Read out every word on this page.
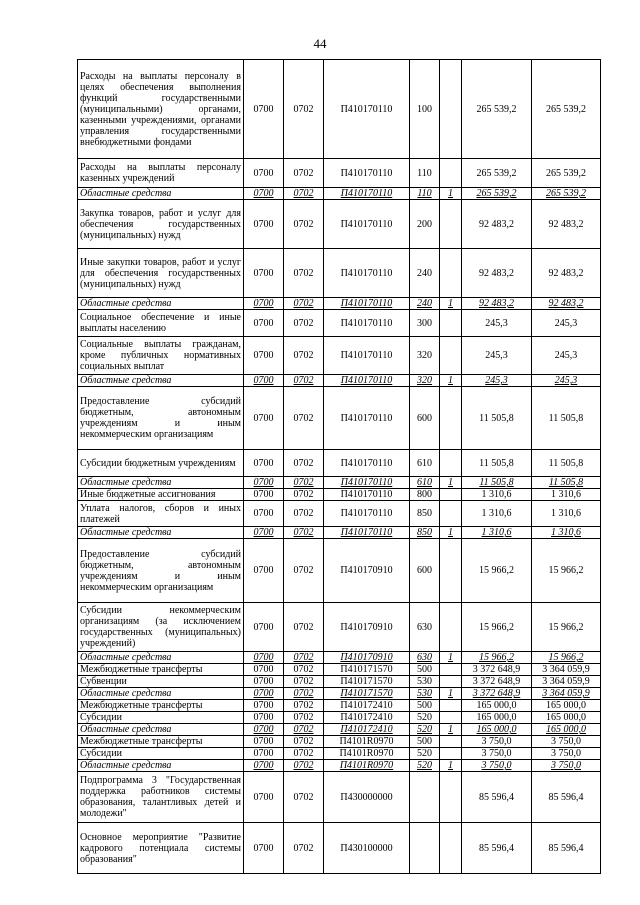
44
Расходы на выплаты персоналу в целях обеспечения выполнения функций государственными (муниципальными) органами, казенными учреждениями, органами управления государственными внебюджетными фондами	0700	0702	П410170110	100		265 539,2	265 539,2
Расходы на выплаты персоналу казенных учреждений	0700	0702	П410170110	110		265 539,2	265 539,2
Областные средства	0700	0702	П410170110	110	1	265 539,2	265 539,2
Закупка товаров, работ и услуг для обеспечения государственных (муниципальных) нужд	0700	0702	П410170110	200		92 483,2	92 483,2
Иные закупки товаров, работ и услуг для обеспечения государственных (муниципальных) нужд	0700	0702	П410170110	240		92 483,2	92 483,2
Областные средства	0700	0702	П410170110	240	1	92 483,2	92 483,2
Социальное обеспечение и иные выплаты населению	0700	0702	П410170110	300		245,3	245,3
Социальные выплаты гражданам, кроме публичных нормативных социальных выплат	0700	0702	П410170110	320		245,3	245,3
Областные средства	0700	0702	П410170110	320	1	245,3	245,3
Предоставление субсидий бюджетным, автономным учреждениям и иным некоммерческим организациям	0700	0702	П410170110	600		11 505,8	11 505,8
Субсидии бюджетным учреждениям	0700	0702	П410170110	610		11 505,8	11 505,8
Областные средства	0700	0702	П410170110	610	1	11 505,8	11 505,8
Иные бюджетные ассигнования	0700	0702	П410170110	800		1 310,6	1 310,6
Уплата налогов, сборов и иных платежей	0700	0702	П410170110	850		1 310,6	1 310,6
Областные средства	0700	0702	П410170110	850	1	1 310,6	1 310,6
Предоставление субсидий бюджетным, автономным учреждениям и иным некоммерческим организациям	0700	0702	П410170910	600		15 966,2	15 966,2
Субсидии некоммерческим организациям (за исключением государственных (муниципальных) учреждений)	0700	0702	П410170910	630		15 966,2	15 966,2
Областные средства	0700	0702	П410170910	630	1	15 966,2	15 966,2
Межбюджетные трансферты	0700	0702	П410171570	500		3 372 648,9	3 364 059,9
Субвенции	0700	0702	П410171570	530		3 372 648,9	3 364 059,9
Областные средства	0700	0702	П410171570	530	1	3 372 648,9	3 364 059,9
Межбюджетные трансферты	0700	0702	П410172410	500		165 000,0	165 000,0
Субсидии	0700	0702	П410172410	520		165 000,0	165 000,0
Областные средства	0700	0702	П410172410	520	1	165 000,0	165 000,0
Межбюджетные трансферты	0700	0702	П4101R0970	500		3 750,0	3 750,0
Субсидии	0700	0702	П4101R0970	520		3 750,0	3 750,0
Областные средства	0700	0702	П4101R0970	520	1	3 750,0	3 750,0
Подпрограмма 3 "Государственная поддержка работников системы образования, талантливых детей и молодежи"	0700	0702	П430000000			85 596,4	85 596,4
Основное мероприятие "Развитие кадрового потенциала системы образования"	0700	0702	П430100000			85 596,4	85 596,4
